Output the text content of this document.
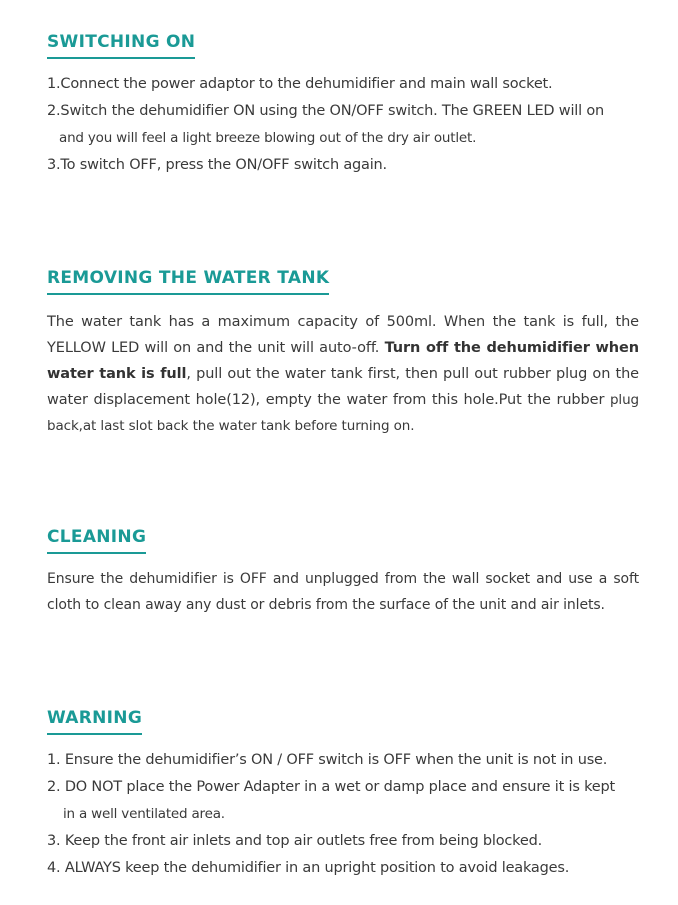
SWITCHING ON
1.Connect the power adaptor to the dehumidifier and main wall socket.
2.Switch the dehumidifier ON using the ON/OFF switch. The GREEN LED will on
and you will feel a light breeze blowing out of the dry air outlet.
3.To switch OFF, press the ON/OFF switch again.
REMOVING THE WATER TANK

The water tank has a maximum capacity of 500ml. When the tank is full, the YELLOW LED will on and the unit will auto-off. Turn off the dehumidifier when water tank is full, pull out the water tank first, then pull out rubber plug on the water displacement hole(12), empty the water from this hole.Put the rubber plug back,at last slot back the water tank before turning on.

CLEANING

Ensure the dehumidifier is OFF and unplugged from the wall socket and use a soft cloth to clean away any dust or debris from the surface of the unit and air inlets.

WARNING
1. Ensure the dehumidifier’s ON / OFF switch is OFF when the unit is not in use.
2. DO NOT place the Power Adapter in a wet or damp place and ensure it is kept
in a well ventilated area.
3. Keep the front air inlets and top air outlets free from being blocked.
4. ALWAYS keep the dehumidifier in an upright position to avoid leakages.
